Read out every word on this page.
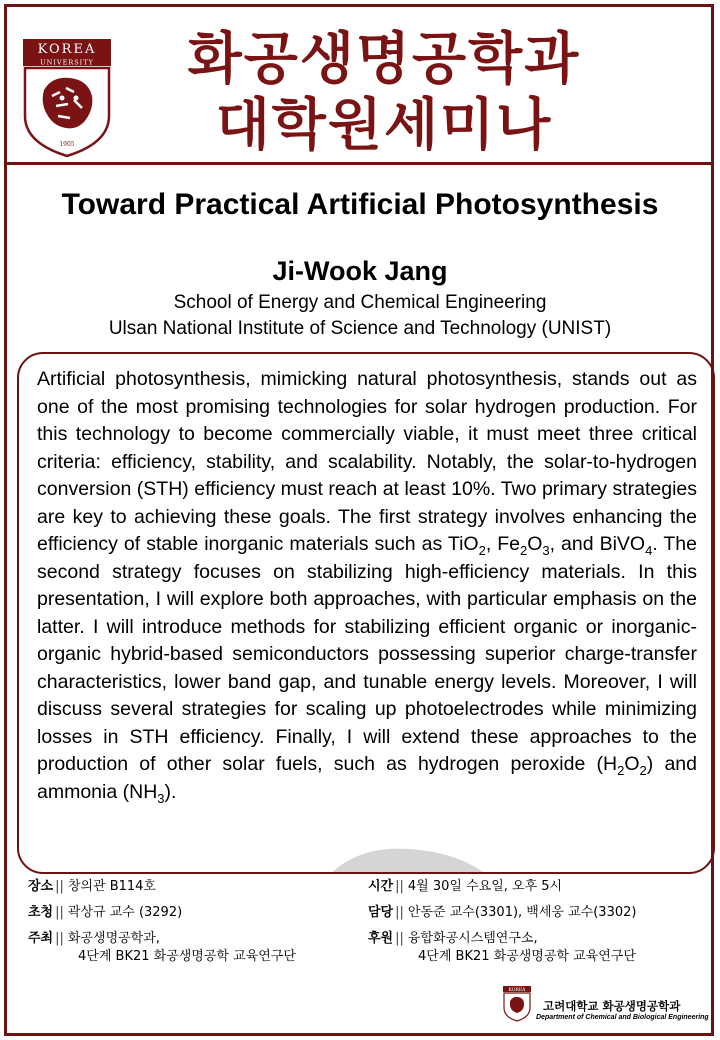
KOREA
UNIVERSITY
1905
화공생명공학과
대학원세미나
Toward Practical Artificial Photosynthesis
Ji-Wook Jang
School of Energy and Chemical Engineering
Ulsan National Institute of Science and Technology (UNIST)
Artificial photosynthesis, mimicking natural photosynthesis, stands out as one of the most promising technologies for solar hydrogen production. For this technology to become commercially viable, it must meet three critical criteria: efficiency, stability, and scalability. Notably, the solar-to-hydrogen conversion (STH) efficiency must reach at least 10%. Two primary strategies are key to achieving these goals. The first strategy involves enhancing the efficiency of stable inorganic materials such as TiO$_2$, $Fe_2O_3$, and BiVO$_4$. The second strategy focuses on stabilizing high-efficiency materials. In this presentation, I will explore both approaches, with particular emphasis on the latter. I will introduce methods for stabilizing efficient organic or inorganic-organic hybrid-based semiconductors possessing superior charge-transfer characteristics, lower band gap, and tunable energy levels. Moreover, I will discuss several strategies for scaling up photoelectrodes while minimizing losses in STH efficiency. Finally, I will extend these approaches to the production of other solar fuels, such as hydrogen peroxide $(H_2O_2)$ and ammonia $(NH_3)$.
장소 || 창의관 B114호	시간 || 4월 30일 수요일, 오후 5시
초청 || 곽상규 교수 (3292)	담당 || 안동준 교수(3301), 백세웅 교수(3302)
주최 || 화공생명공학과,
4단계 BK21 화공생명공학 교육연구단
후원 || 융합화공시스템연구소,
4단계 BK21 화공생명공학 교육연구단
KOREA
고려대학교 화공생명공학과
Department of Chemical and Biological Engineering
